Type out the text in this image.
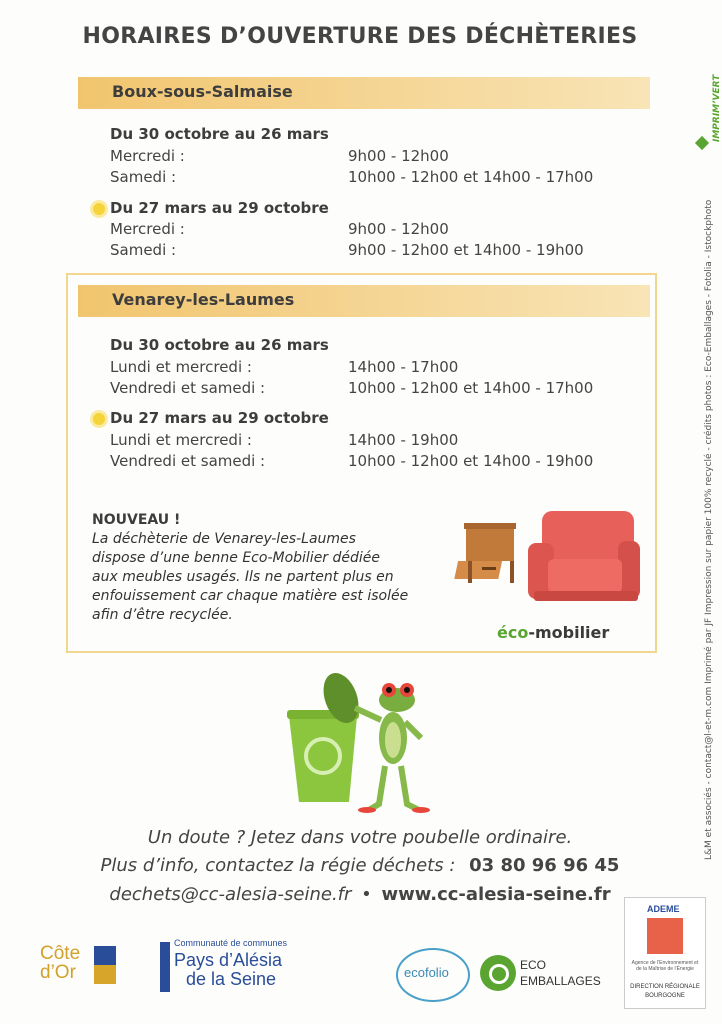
HORAIRES D’OUVERTURE DES DÉCHÈTERIES
Boux-sous-Salmaise
Du 30 octobre au 26 mars
Mercredi :	9h00 - 12h00
Samedi :	10h00 - 12h00 et 14h00 - 17h00
Du 27 mars au 29 octobre
Mercredi :	9h00 - 12h00
Samedi :	9h00 - 12h00 et 14h00 - 19h00
Venarey-les-Laumes
Du 30 octobre au 26 mars
Lundi et mercredi :	14h00 - 17h00
Vendredi et samedi :	10h00 - 12h00 et 14h00 - 17h00
Du 27 mars au 29 octobre
Lundi et mercredi :	14h00 - 19h00
Vendredi et samedi :	10h00 - 12h00 et 14h00 - 19h00
NOUVEAU !
La déchèterie de Venarey-les-Laumes
dispose d’une benne Eco-Mobilier dédiée
aux meubles usagés. Ils ne partent plus en
enfouissement car chaque matière est isolée
afin d’être recyclée.
éco-mobilier
Un doute ? Jetez dans votre poubelle ordinaire.
Plus d’info, contactez la régie déchets : 03 80 96 96 45
dechets@cc-alesia-seine.fr • www.cc-alesia-seine.fr
L&M et associés - contact@l-et-m.com Imprimé par JF Impression sur papier 100% recyclé - crédits photos : Eco-Emballages - Fotolia - Istockphoto
IMPRIM’VERT
Côte
d’Or
Communauté de communes
Pays d’Alésia
de la Seine	ecofolio	ECO
EMBALLAGES
ADEME
Agence de l’Environnement et de la Maîtrise de l’Énergie
DIRECTION RÉGIONALE
BOURGOGNE
